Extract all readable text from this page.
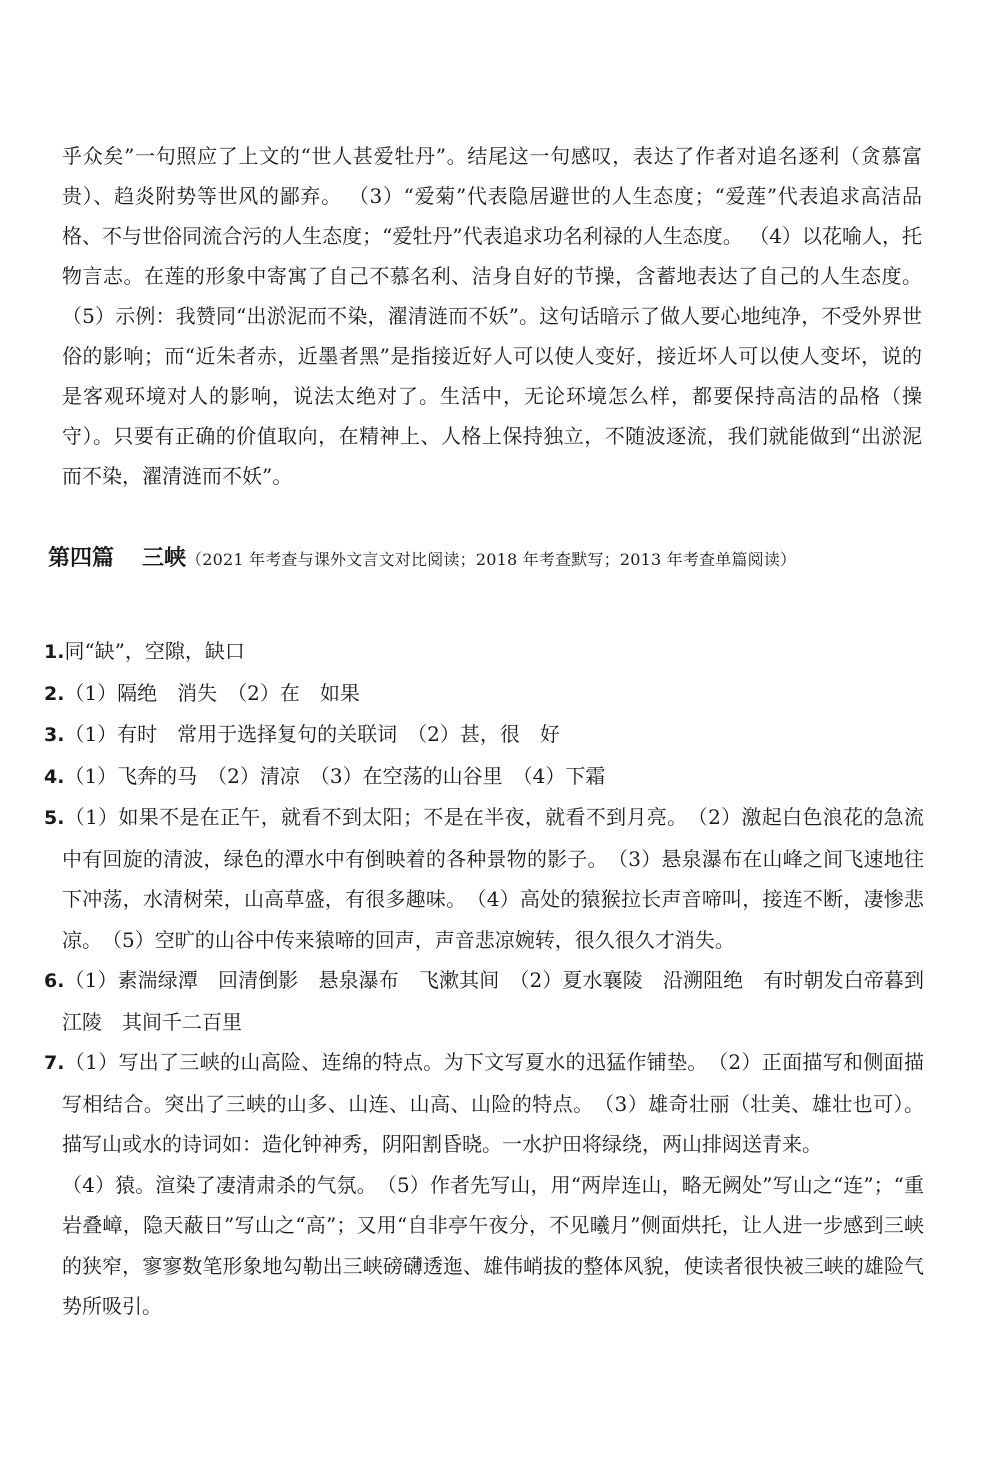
乎众矣”一句照应了上文的“世人甚爱牡丹”。结尾这一句感叹，表达了作者对追名逐利（贪慕富贵）、趋炎附势等世风的鄙弃。 （3）“爱菊”代表隐居避世的人生态度；“爱莲”代表追求高洁品格、不与世俗同流合污的人生态度；“爱牡丹”代表追求功名利禄的人生态度。 （4）以花喻人，托物言志。在莲的形象中寄寓了自己不慕名利、洁身自好的节操，含蓄地表达了自己的人生态度。 （5）示例：我赞同“出淤泥而不染，濯清涟而不妖”。这句话暗示了做人要心地纯净，不受外界世俗的影响；而“近朱者赤，近墨者黑”是指接近好人可以使人变好，接近坏人可以使人变坏，说的是客观环境对人的影响，说法太绝对了。生活中，无论环境怎么样，都要保持高洁的品格（操守）。只要有正确的价值取向，在精神上、人格上保持独立，不随波逐流，我们就能做到“出淤泥而不染，濯清涟而不妖”。

第四篇 三峡（2021 年考查与课外文言文对比阅读；2018 年考查默写；2013 年考查单篇阅读）

1.同“缺”，空隙，缺口

2.（1）隔绝　消失　（2）在　如果

3.（1）有时　常用于选择复句的关联词　（2）甚，很　好

4.（1）飞奔的马　（2）清凉　（3）在空荡的山谷里　（4）下霜

5.（1）如果不是在正午，就看不到太阳；不是在半夜，就看不到月亮。　（2）激起白色浪花的急流中有回旋的清波，绿色的潭水中有倒映着的各种景物的影子。　（3）悬泉瀑布在山峰之间飞速地往下冲荡，水清树荣，山高草盛，有很多趣味。　（4）高处的猿猴拉长声音啼叫，接连不断，凄惨悲凉。　（5）空旷的山谷中传来猿啼的回声，声音悲凉婉转，很久很久才消失。

6.（1）素湍绿潭　回清倒影　悬泉瀑布　飞漱其间　（2）夏水襄陵　沿溯阻绝　有时朝发白帝暮到江陵　其间千二百里

7.（1）写出了三峡的山高险、连绵的特点。为下文写夏水的迅猛作铺垫。　（2）正面描写和侧面描写相结合。突出了三峡的山多、山连、山高、山险的特点。　（3）雄奇壮丽（壮美、雄壮也可）。描写山或水的诗词如：造化钟神秀，阴阳割昏晓。一水护田将绿绕，两山排闼送青来。
（4）猿。渲染了凄清肃杀的气氛。　（5）作者先写山，用“两岸连山，略无阙处”写山之“连”；“重岩叠嶂，隐天蔽日”写山之“高”；又用“自非亭午夜分，不见曦月”侧面烘托，让人进一步感到三峡的狭窄，寥寥数笔形象地勾勒出三峡磅礴透迤、雄伟峭拔的整体风貌，使读者很快被三峡的雄险气势所吸引。
